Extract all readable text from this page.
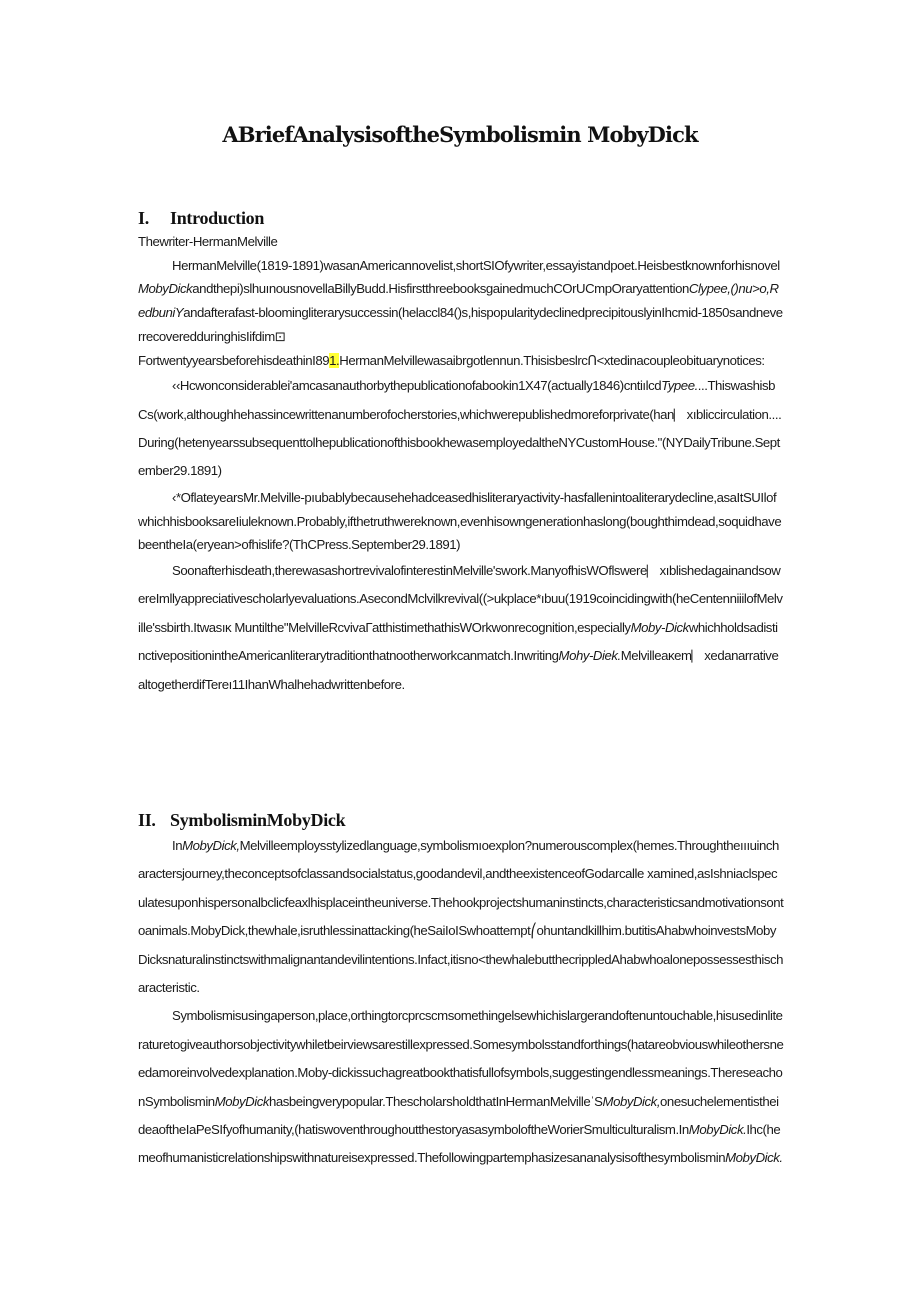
ABriefAnalysisoftheSymbolismin MobyDick
I. Introduction

Thewriter-HermanMelville

HermanMelville(1819-1891)wasanAmericannovelist,shortSIOfywriter,essayistandpoet.HeisbestknownforhisnovelMobyDickandthepi)slhuınousnovellaBillyBudd.HisfirstthreebooksgainedmuchCOrUCmpOraryattentionClypee,()nu>o,RedbuniYandafterafast-bloomingliterarysuccessin(helaccl84()s,hispopularitydeclinedprecipitouslyinIhcmid-1850sandneverrecoveredduringhisIifdim⊡

FortwentyyearsbeforehisdeathinI891.HermanMelvillewasaibrgotlennun.ThisisbeslrcՈ<xtedinacoupleobituarynotices:

‹‹Hcwonconsiderablei'amcasanauthorbythepublicationofabookin1X47(actually1846)cntiılcdTypee....ThiswashisbCs(work,althoughhehassincewrittenanumberofocherstories,whichwerepublishedmoreforprivate(han⎸xıbliccirculation....During(hetenyearssubsequenttolhepublicationofthisbookhewasemployedaltheNYCustomHouse."(NYDailyTribune.September29.1891)

‹*OflateyearsMr.Melville-pıubablybecausehehadceasedhisliteraryactivity-hasfallenintoaliterarydecline,asaItSUIlofwhichhisbooksareIiuleknown.Probably,ifthetruthwereknown,evenhisowngenerationhaslong(boughthimdead,soquidhavebeentheIa(eryean>ofhislife?(ThCPress.September29.1891)

Soonafterhisdeath,therewasashortrevivalofinterestinMelville'swork.ManyofhisWOflswere⎸xıblishedagainandsowereImllyappreciativescholarlyevaluations.AsecondMclvilkrevival((>ukplace*ıbuu(1919coincidingwith(heCentenniiilofMelville'ssbirth.Itwasıĸ Muntilthe"MelvilleRcvivaГatthistimethathisWOrkwonrecognition,especiallyMoby-DickwhichholdsadistinctivepositionintheAmericanliterarytraditionthatnootherworkcanmatch.InwritingMohy-Diek.Melvilleaĸem⎸xedanarrativealtogetherdifTereı11IhanWhalhehadwrittenbefore.

II. SymbolisminMobyDick

InMobyDick,Melvilleemploysstylizedlanguage,symbolismıoexplon?numerouscomplex(hemes.Throughtheıııuincharactersjourney,theconceptsofclassandsocialstatus,goodandevil,andtheexistenceofGodarcalle xamined,asIshniaclspeculatesuponhispersonalbclicfeaxlhisplaceintheuniverse.Thehookprojectshumaninstincts,characteristicsandmotivationsontoanimals.MobyDick,thewhale,isruthlessinattacking(heSaiIoISwhoattempt⎛ohuntandkillhim.butitisAhabwhoinvestsMobyDicksnaturalinstinctswithmalignantandevilintentions.Infact,itisno<thewhalebutthecrippledAhabwhoalonepossessesthischaracteristic.

Symbolismisusingaperson,place,orthingtorcprcscmsomethingelsewhichislargerandoftenuntouchable,hisusedinliteraturetogiveauthorsobjectivitywhiletbeirviewsarestillexpressed.Somesymbolsstandforthings(hatareobviouswhileothersneedamoreinvolvedexplanation.Moby-dickissuchagreatbookthatisfullofsymbols,suggestingendlessmeanings.ThereseachonSymbolisminMobyDickhasbeingverypopular.ThescholarsholdthatInHermanMelvilleˈSMobyDick,onesuchelementistheideaoftheIaPeSIfyofhumanity,(hatiswoventhroughoutthestoryasasymboloftheWorierSmulticulturalism.InMobyDick.Ihc(hemeofhumanisticrelationshipswithnatureisexpressed.ThefollowingpartemphasizesananalysisofthesymbolisminMobyDick.
